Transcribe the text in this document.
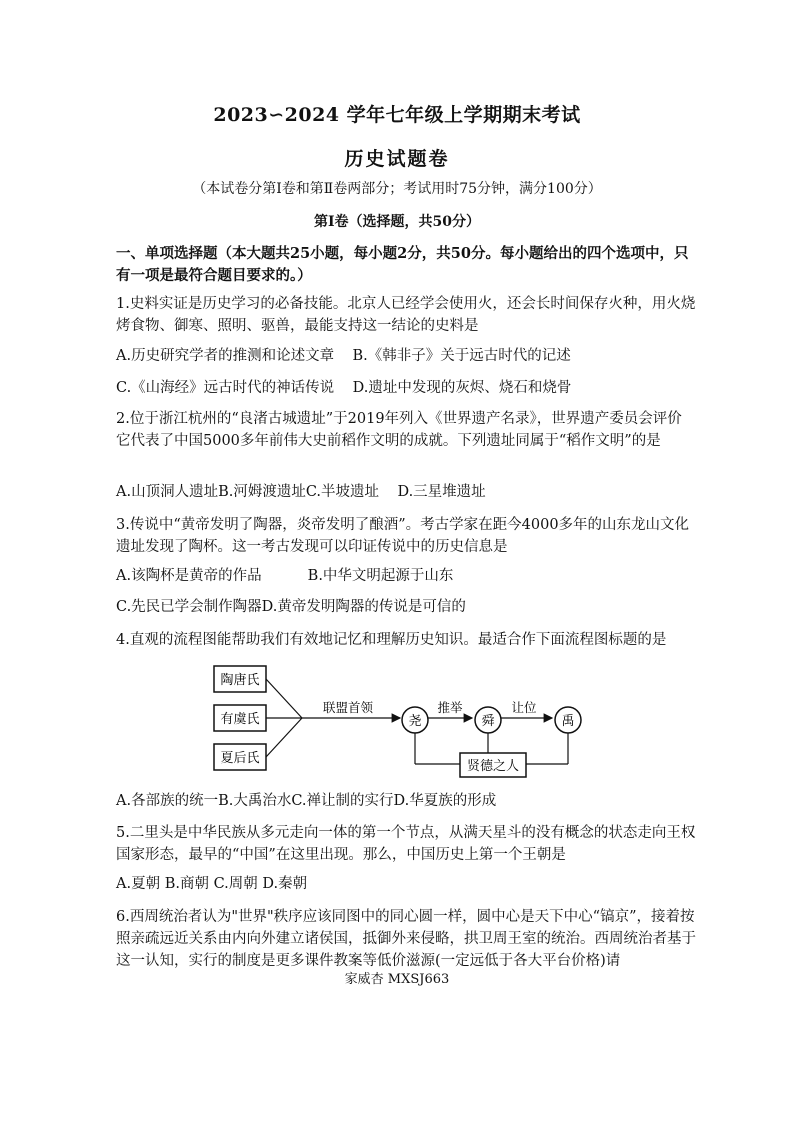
2023∽2024 学年七年级上学期期末考试
历史试题卷
（本试卷分第Ⅰ卷和第Ⅱ卷两部分；考试用时75分钟，满分100分）
第Ⅰ卷（选择题，共50分）
一、单项选择题（本大题共25小题，每小题2分，共50分。每小题给出的四个选项中，只有一项是最符合题目要求的。）
1.史料实证是历史学习的必备技能。北京人已经学会使用火，还会长时间保存火种，用火烧烤食物、御寒、照明、驱兽，最能支持这一结论的史料是
A.历史研究学者的推测和论述文章    B.《韩非子》关于远古时代的记述
C.《山海经》远古时代的神话传说    D.遗址中发现的灰烬、烧石和烧骨
2.位于浙江杭州的“良渚古城遗址”于2019年列入《世界遗产名录》，世界遗产委员会评价它代表了中国5000多年前伟大史前稻作文明的成就。下列遗址同属于“稻作文明”的是
A.山顶洞人遗址B.河姆渡遗址C.半坡遗址    D.三星堆遗址
3.传说中“黄帝发明了陶器，炎帝发明了酿酒”。考古学家在距今4000多年的山东龙山文化遗址发现了陶杯。这一考古发现可以印证传说中的历史信息是
A.该陶杯是黄帝的作品          B.中华文明起源于山东
C.先民已学会制作陶器D.黄帝发明陶器的传说是可信的
4.直观的流程图能帮助我们有效地记忆和理解历史知识。最适合作下面流程图标题的是
陶唐氏
有虞氏
夏后氏
联盟首领
尧
推举
舜
让位
禹
贤德之人
A.各部族的统一B.大禹治水C.禅让制的实行D.华夏族的形成
5.二里头是中华民族从多元走向一体的第一个节点，从满天星斗的没有概念的状态走向王权国家形态，最早的“中国”在这里出现。那么，中国历史上第一个王朝是
A.夏朝 B.商朝 C.周朝 D.秦朝
6.西周统治者认为"世界"秩序应该同图中的同心圆一样，圆中心是天下中心“镐京”，接着按照亲疏远近关系由内向外建立诸侯国，抵御外来侵略，拱卫周王室的统治。西周统治者基于这一认知，实行的制度是更多课件教案等低价滋源(一定远低于各大平台价格)请
家威杏 MXSJ663
